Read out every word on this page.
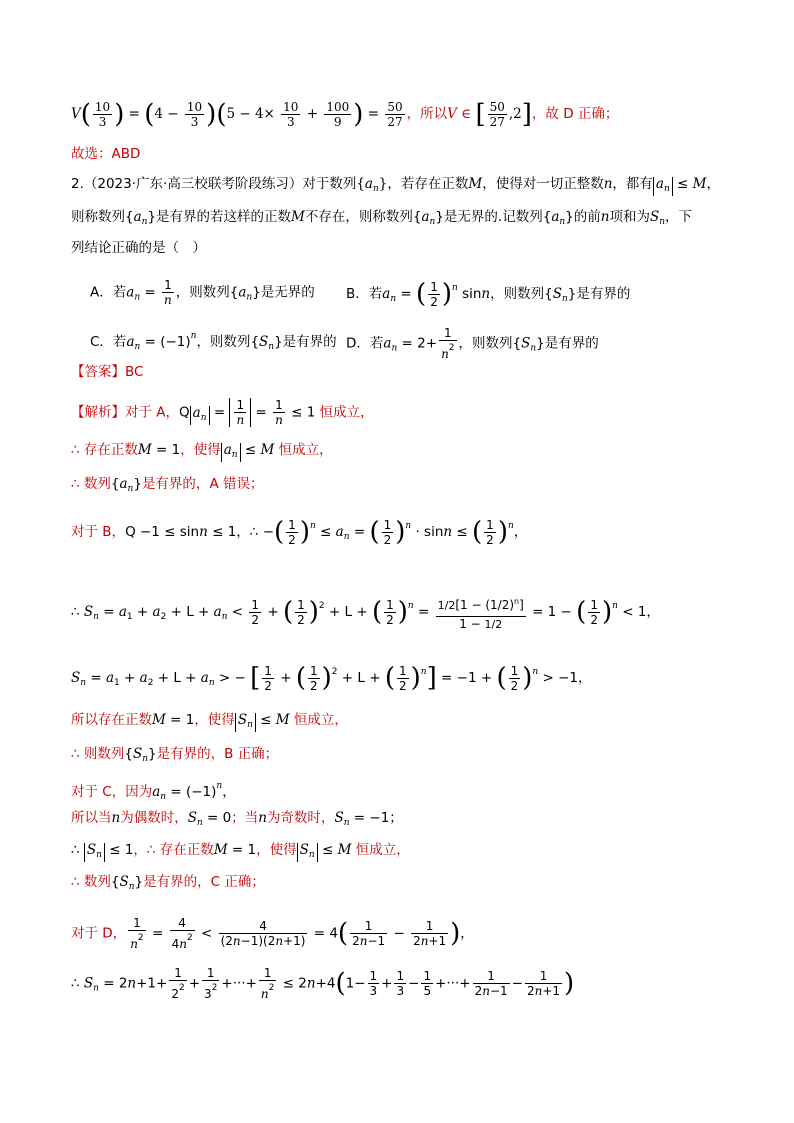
$V( \frac{10}{3}$ ) = $(4 - \frac{10}{3} )(5 - 4\times \frac{10}{3} + \frac{100}{9}$ ) = $\frac{50}{27}$ ，所以V ∈ [ $\frac{50}{27} ,2$]，故 D 正确；
故选：ABD
2.（2023·广东·高三校联考阶段练习）对于数列$\{a_n\}$，若存在正数M，使得对一切正整数n，都有 $a_n \le M$，
则称数列$\{a_n\}$是有界的若这样的正数M不存在，则称数列$\{a_n\}$是无界的.记数列$\{a_n\}$的前n项和为$S_n$，下
列结论正确的是（　）
A．若$a_n = \frac{1}{n}$ ，则数列$\{a_n\}$是无界的 B．若$a_n$ = ( $\frac{1}{2} )^n$ sinn，则数列$\{S_n\}$是有界的
C．若$a_n = (-1)^n$，则数列$\{S_n\}$是有界的 D．若$a_n = 2+ \frac{1}{n^2}$ ，则数列$\{S_n\}$是有界的
【答案】BC
【解析】对于 A，Q $a_n = \frac{1}{n} = \frac{1}{n} \le 1$ 恒成立，
∴ 存在正数M = 1，使得 $a_n \le M$ 恒成立，
∴ 数列$\{a_n\}$是有界的，A 错误；
对于 B，Q −1 ≤ sinn ≤ 1，∴ −( $\frac{1}{2} )^n \le a_n$ = ( $\frac{1}{2} )^n \cdot \sin n$ ≤ ( $\frac{1}{2} )^n$，
∴ $S_n = a_1 + a_2 + L + a_n < \frac{1}{2}$ + ( $\frac{1}{2} )^2 + L$ + ( $\frac{1}{2} )^n = \frac{1/2[1 - (1/2)^n]}{1 - 1/2} = 1$ − ( $\frac{1}{2} )^n < 1$，
$S_n = a_1 + a_2 + L + a_n$ > − [ $\frac{1}{2}$ + ( $\frac{1}{2} )^2 + L$ + ( $\frac{1}{2} )^n] = -1$ + ( $\frac{1}{2} )^n > -1$，
所以存在正数M = 1，使得 $S_n \le M$ 恒成立，
∴ 则数列$\{S_n\}$是有界的，B 正确；
对于 C，因为$a_n = (-1)^n$，
所以当n为偶数时，$S_n = 0$；当n为奇数时，$S_n = -1$；
∴ $S_n \le 1$，∴ 存在正数M = 1，使得 $S_n \le M$ 恒成立，
∴ 数列$\{S_n\}$是有界的，C 正确；
对于 D， $\frac{1}{n^2} = \frac{4}{4n^2} < \frac{4}{(2n-1)(2n+1)} = 4( \frac{1}{2n-1} - \frac{1}{2n+1}$ )，
∴ $S_n = 2n+1+ \frac{1}{2^2} + \frac{1}{3^2}$ +···+ $\frac{1}{n^2} \le 2n+4(1- \frac{1}{3} + \frac{1}{3} - \frac{1}{5}$ +···+ $\frac{1}{2n-1} - \frac{1}{2n+1}$ )
